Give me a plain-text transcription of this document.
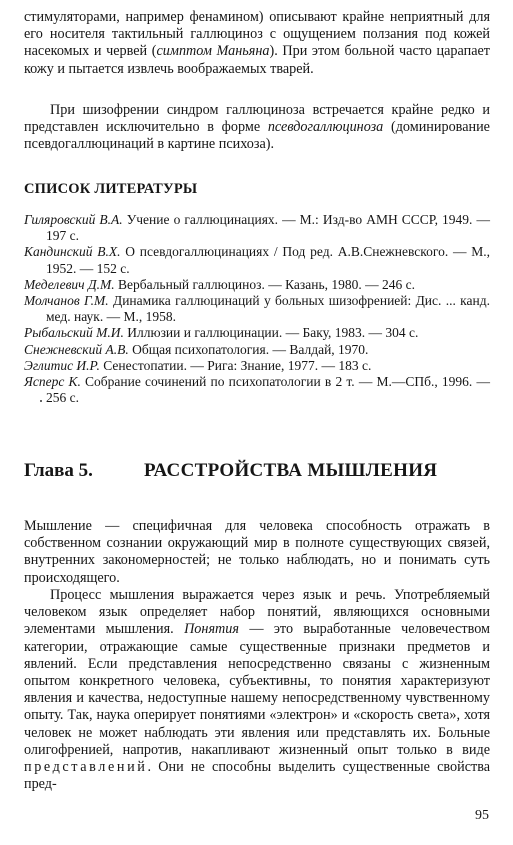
стимуляторами, например фенамином) описывают крайне неприятный для его носителя тактильный галлюциноз с ощущением ползания под кожей насекомых и червей (симптом Маньяна). При этом больной часто царапает кожу и пытается извлечь воображаемых тварей.

При шизофрении синдром галлюциноза встречается крайне редко и представлен исключительно в форме псевдогаллюциноза (доминирование псевдогаллюцинаций в картине психоза).

СПИСОК ЛИТЕРАТУРЫ
Гиляровский В.А. Учение о галлюцинациях. — М.: Изд-во АМН СССР, 1949. — 197 с.
Кандинский В.Х. О псевдогаллюцинациях / Под ред. А.В.Снежневского. — М., 1952. — 152 с.
Меделевич Д.М. Вербальный галлюциноз. — Казань, 1980. — 246 с.
Молчанов Г.М. Динамика галлюцинаций у больных шизофренией: Дис. ... канд. мед. наук. — М., 1958.
Рыбальский М.И. Иллюзии и галлюцинации. — Баку, 1983. — 304 с.
Снежневский А.В. Общая психопатология. — Валдай, 1970.
Эглитис И.Р. Сенестопатии. — Рига: Знание, 1977. — 183 с.
Ясперс К. Собрание сочинений по психопатологии в 2 т. — М.—СПб., 1996. — 256 с.
Глава 5.	РАССТРОЙСТВА МЫШЛЕНИЯ

Мышление — специфичная для человека способность отражать в собственном сознании окружающий мир в полноте существующих связей, внутренних закономерностей; не только наблюдать, но и понимать суть происходящего.

Процесс мышления выражается через язык и речь. Употребляемый человеком язык определяет набор понятий, являющихся основными элементами мышления. Понятия — это выработанные человечеством категории, отражающие самые существенные признаки предметов и явлений. Если представления непосредственно связаны с жизненным опытом конкретного человека, субъективны, то понятия характеризуют явления и качества, недоступные нашему непосредственному чувственному опыту. Так, наука оперирует понятиями «электрон» и «скорость света», хотя человек не может наблюдать эти явления или представлять их. Больные олигофренией, напротив, накапливают жизненный опыт только в виде представлений. Они не способны выделить существенные свойства пред-

95
